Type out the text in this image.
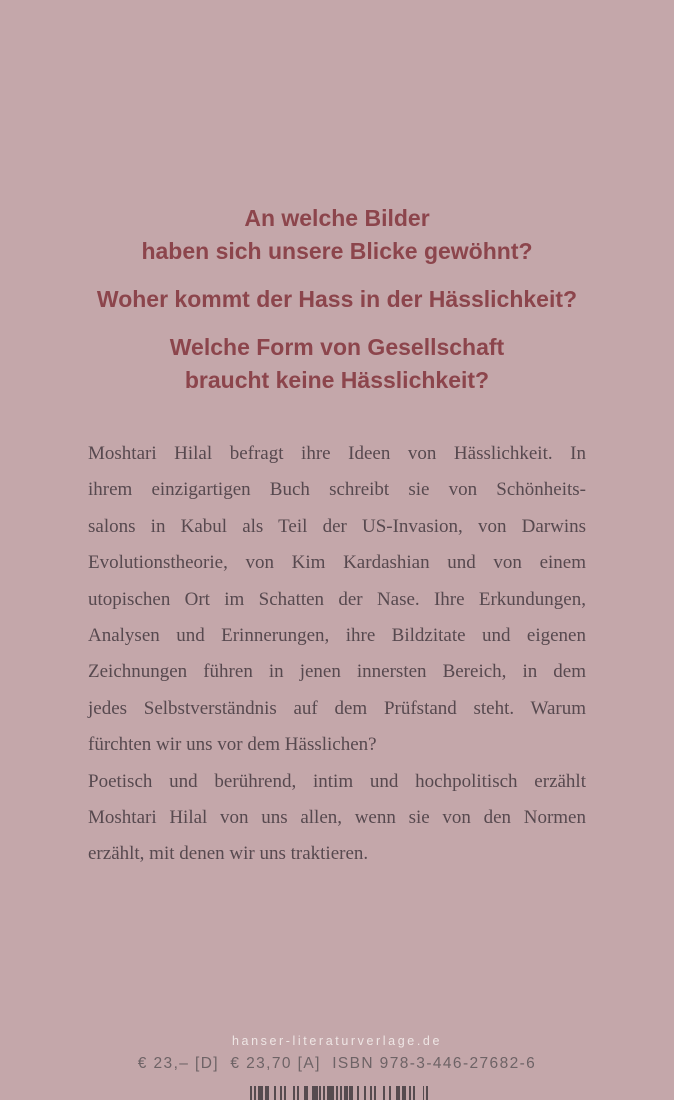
An welche Bilder
haben sich unsere Blicke gewöhnt?
Woher kommt der Hass in der Hässlichkeit?
Welche Form von Gesellschaft
braucht keine Hässlichkeit?
Moshtari Hilal befragt ihre Ideen von Hässlichkeit. In
ihrem einzigartigen Buch schreibt sie von Schönheits-
salons in Kabul als Teil der US-Invasion, von Darwins
Evolutionstheorie, von Kim Kardashian und von einem
utopischen Ort im Schatten der Nase. Ihre Erkundungen,
Analysen und Erinnerungen, ihre Bildzitate und eigenen
Zeichnungen führen in jenen innersten Bereich, in dem
jedes Selbstverständnis auf dem Prüfstand steht. Warum
fürchten wir uns vor dem Hässlichen?
Poetisch und berührend, intim und hochpolitisch erzählt
Moshtari Hilal von uns allen, wenn sie von den Normen
erzählt, mit denen wir uns traktieren.
hanser-literaturverlage.de
€ 23,– [D]  € 23,70 [A]  ISBN 978-3-446-27682-6
